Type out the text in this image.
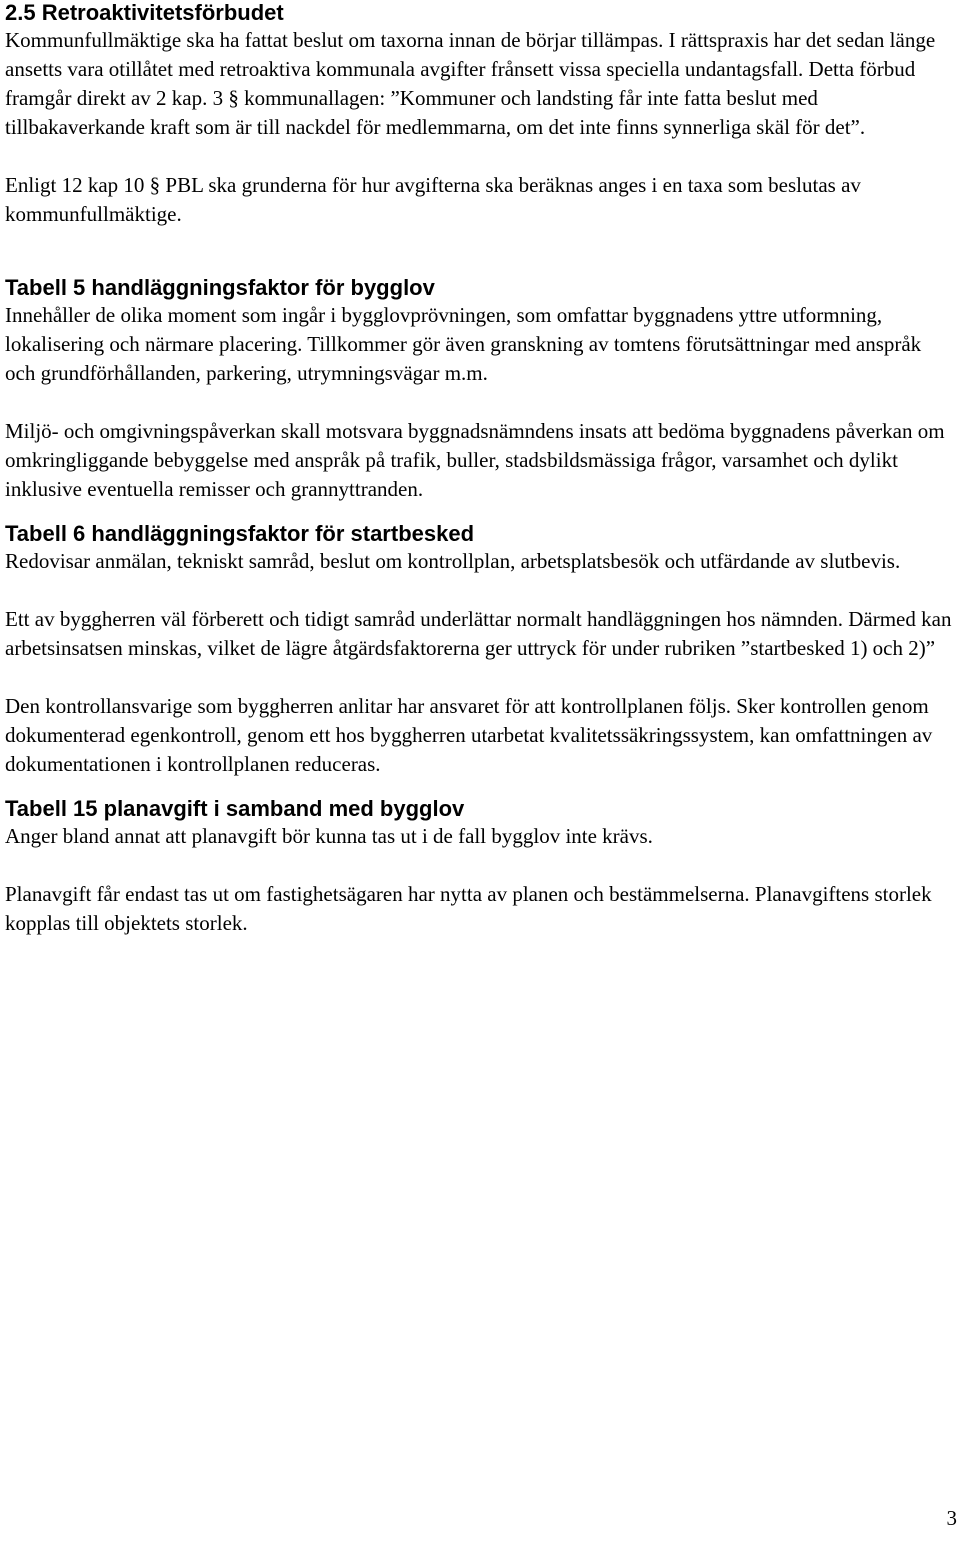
2.5 Retroaktivitetsförbudet

Kommunfullmäktige ska ha fattat beslut om taxorna innan de börjar tillämpas. I rättspraxis har det sedan länge ansetts vara otillåtet med retroaktiva kommunala avgifter frånsett vissa speciella undantagsfall. Detta förbud framgår direkt av 2 kap. 3 § kommunallagen: ”Kommuner och landsting får inte fatta beslut med tillbakaverkande kraft som är till nackdel för medlemmarna, om det inte finns synnerliga skäl för det”.

Enligt 12 kap 10 § PBL ska grunderna för hur avgifterna ska beräknas anges i en taxa som beslutas av kommunfullmäktige.

Tabell 5 handläggningsfaktor för bygglov

Innehåller de olika moment som ingår i bygglovprövningen, som omfattar byggnadens yttre utformning, lokalisering och närmare placering. Tillkommer gör även granskning av tomtens förutsättningar med anspråk och grundförhållanden, parkering, utrymningsvägar m.m.

Miljö- och omgivningspåverkan skall motsvara byggnadsnämndens insats att bedöma byggnadens påverkan om omkringliggande bebyggelse med anspråk på trafik, buller, stadsbildsmässiga frågor, varsamhet och dylikt inklusive eventuella remisser och grannyttranden.

Tabell 6 handläggningsfaktor för startbesked

Redovisar anmälan, tekniskt samråd, beslut om kontrollplan, arbetsplatsbesök och utfärdande av slutbevis.

Ett av byggherren väl förberett och tidigt samråd underlättar normalt handläggningen hos nämnden. Därmed kan arbetsinsatsen minskas, vilket de lägre åtgärdsfaktorerna ger uttryck för under rubriken ”startbesked 1) och 2)”

Den kontrollansvarige som byggherren anlitar har ansvaret för att kontrollplanen följs. Sker kontrollen genom dokumenterad egenkontroll, genom ett hos byggherren utarbetat kvalitetssäkringssystem, kan omfattningen av dokumentationen i kontrollplanen reduceras.

Tabell 15 planavgift i samband med bygglov

Anger bland annat att planavgift bör kunna tas ut i de fall bygglov inte krävs.

Planavgift får endast tas ut om fastighetsägaren har nytta av planen och bestämmelserna. Planavgiftens storlek kopplas till objektets storlek.

3
